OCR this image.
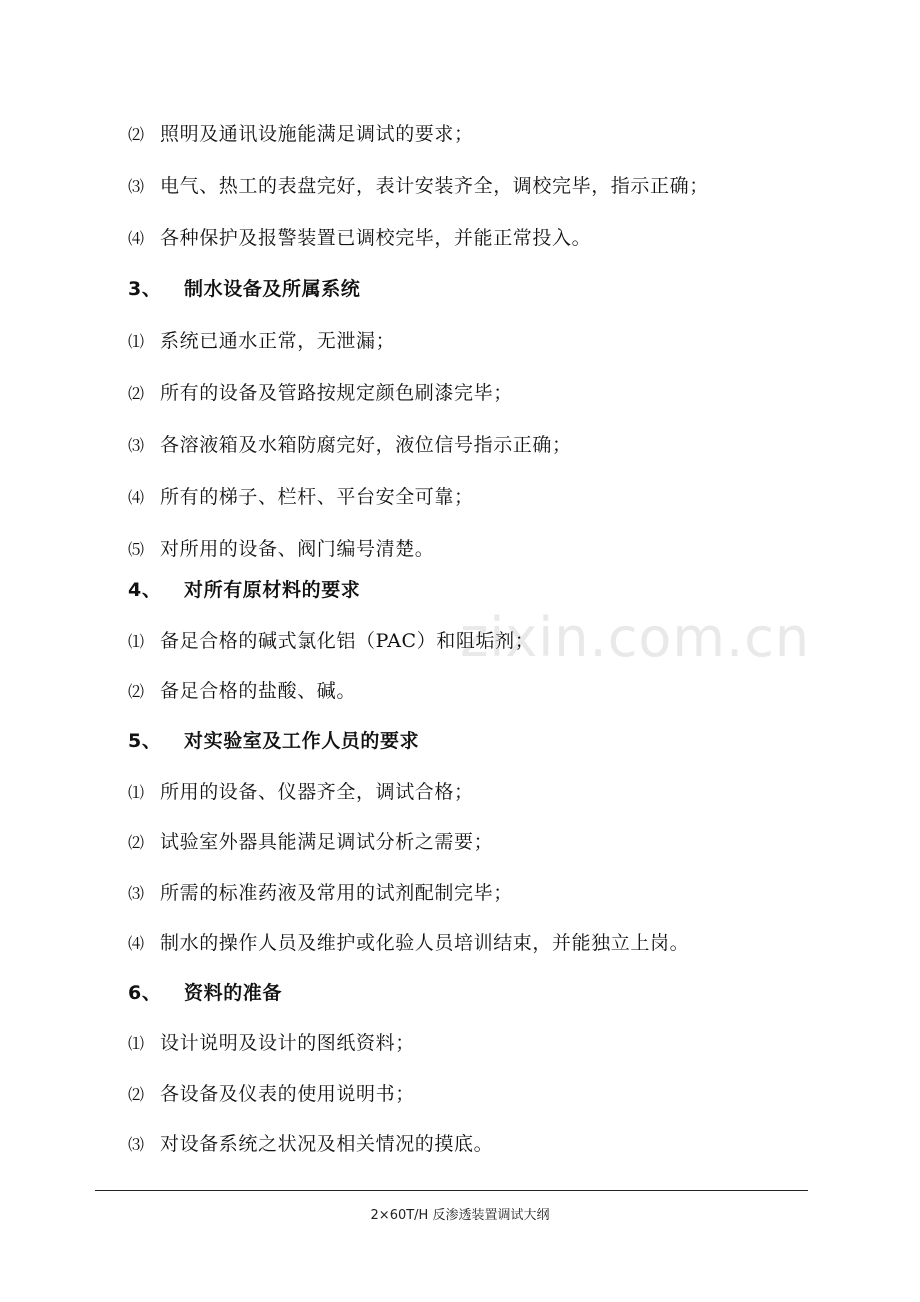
zixin.com.cn
⑵ 照明及通讯设施能满足调试的要求；
⑶ 电气、热工的表盘完好，表计安装齐全，调校完毕，指示正确；
⑷ 各种保护及报警装置已调校完毕，并能正常投入。
3、 制水设备及所属系统
⑴ 系统已通水正常，无泄漏；
⑵ 所有的设备及管路按规定颜色刷漆完毕；
⑶ 各溶液箱及水箱防腐完好，液位信号指示正确；
⑷ 所有的梯子、栏杆、平台安全可靠；
⑸ 对所用的设备、阀门编号清楚。
4、 对所有原材料的要求
⑴ 备足合格的碱式氯化铝（PAC）和阻垢剂；
⑵ 备足合格的盐酸、碱。
5、 对实验室及工作人员的要求
⑴ 所用的设备、仪器齐全，调试合格；
⑵ 试验室外器具能满足调试分析之需要；
⑶ 所需的标准药液及常用的试剂配制完毕；
⑷ 制水的操作人员及维护或化验人员培训结束，并能独立上岗。
6、 资料的准备
⑴ 设计说明及设计的图纸资料；
⑵ 各设备及仪表的使用说明书；
⑶ 对设备系统之状况及相关情况的摸底。
2×60T/H 反渗透装置调试大纲
